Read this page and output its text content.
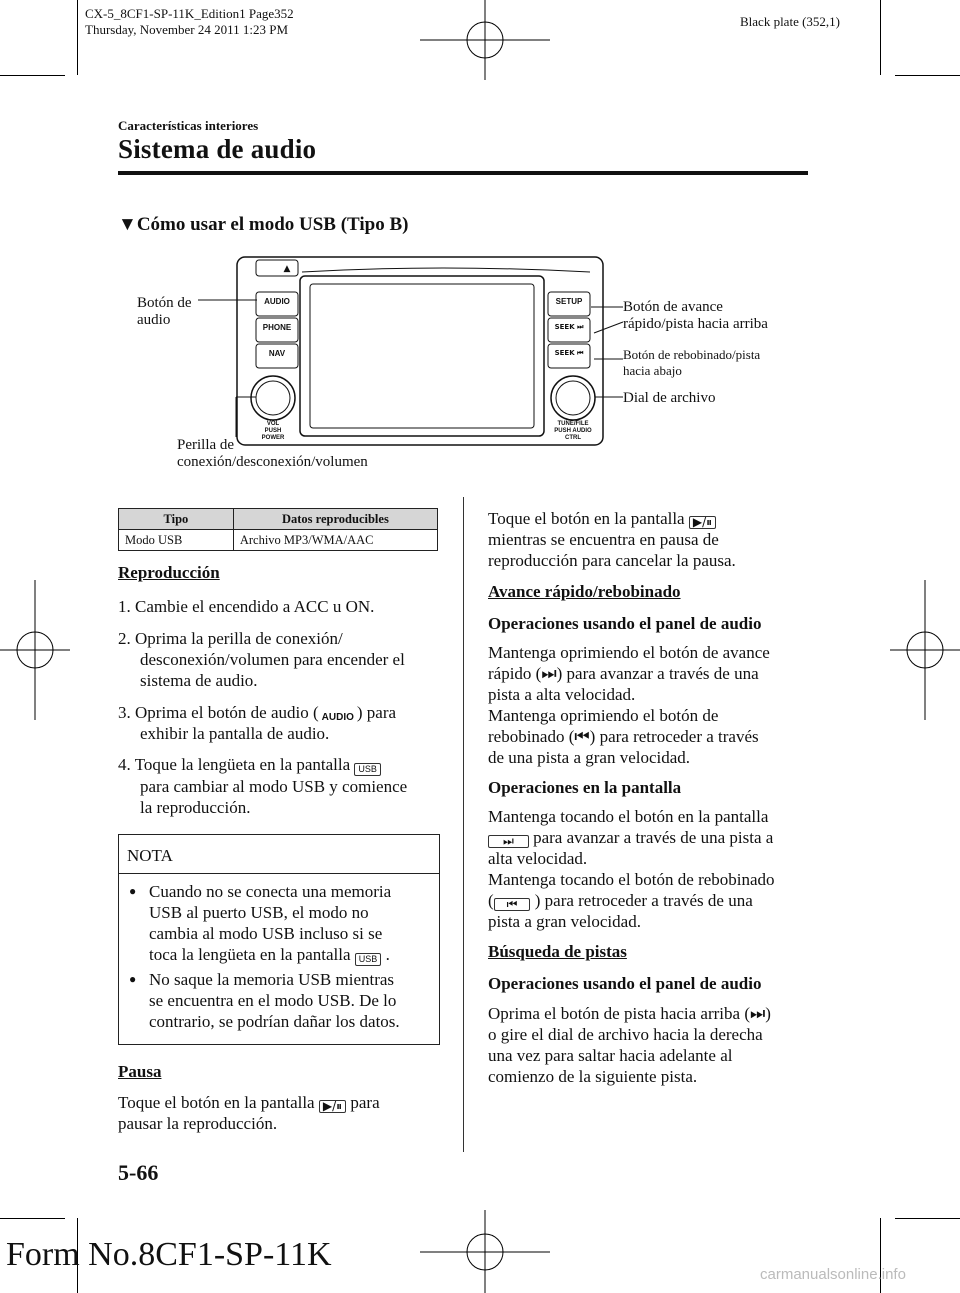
CX-5_8CF1-SP-11K_Edition1 Page352
Thursday, November 24 2011 1:23 PM
Black plate (352,1)
Características interiores
Sistema de audio
▼Cómo usar el modo USB (Tipo B)
▲
AUDIO
PHONE
NAV
SETUP
SEEK ⏭
SEEK ⏮
VOL
PUSH POWER
TUNE/FILE
PUSH AUDIO CTRL
Botón de
audio
Botón de avance
rápido/pista hacia arriba
Botón de rebobinado/pista
hacia abajo
Dial de archivo
Perilla de
conexión/desconexión/volumen
Tipo	Datos reproducibles
Modo USB	Archivo MP3/WMA/AAC
Reproducción
1. Cambie el encendido a ACC u ON.
2. Oprima la perilla de conexión/
desconexión/volumen para encender el
sistema de audio.
3. Oprima el botón de audio ( AUDIO ) para
exhibir la pantalla de audio.
4. Toque la lengüeta en la pantalla USB
para cambiar al modo USB y comience
la reproducción.
NOTA
● Cuando no se conecta una memoria
USB al puerto USB, el modo no
cambia al modo USB incluso si se
toca la lengüeta en la pantalla USB .
● No saque la memoria USB mientras
se encuentra en el modo USB. De lo
contrario, se podrían dañar los datos.
Pausa
Toque el botón en la pantalla ▶/⏸ para
pausar la reproducción.
Toque el botón en la pantalla ▶/⏸
mientras se encuentra en pausa de
reproducción para cancelar la pausa.
Avance rápido/rebobinado
Operaciones usando el panel de audio
Mantenga oprimiendo el botón de avance
rápido (⏭) para avanzar a través de una
pista a alta velocidad.
Mantenga oprimiendo el botón de
rebobinado (⏮) para retroceder a través
de una pista a gran velocidad.
Operaciones en la pantalla
Mantenga tocando el botón en la pantalla
⏭ para avanzar a través de una pista a
alta velocidad.
Mantenga tocando el botón de rebobinado
( ⏮ ) para retroceder a través de una
pista a gran velocidad.
Búsqueda de pistas
Operaciones usando el panel de audio
Oprima el botón de pista hacia arriba (⏭)
o gire el dial de archivo hacia la derecha
una vez para saltar hacia adelante al
comienzo de la siguiente pista.
5-66
Form No.8CF1-SP-11K
carmanualsonline.info
